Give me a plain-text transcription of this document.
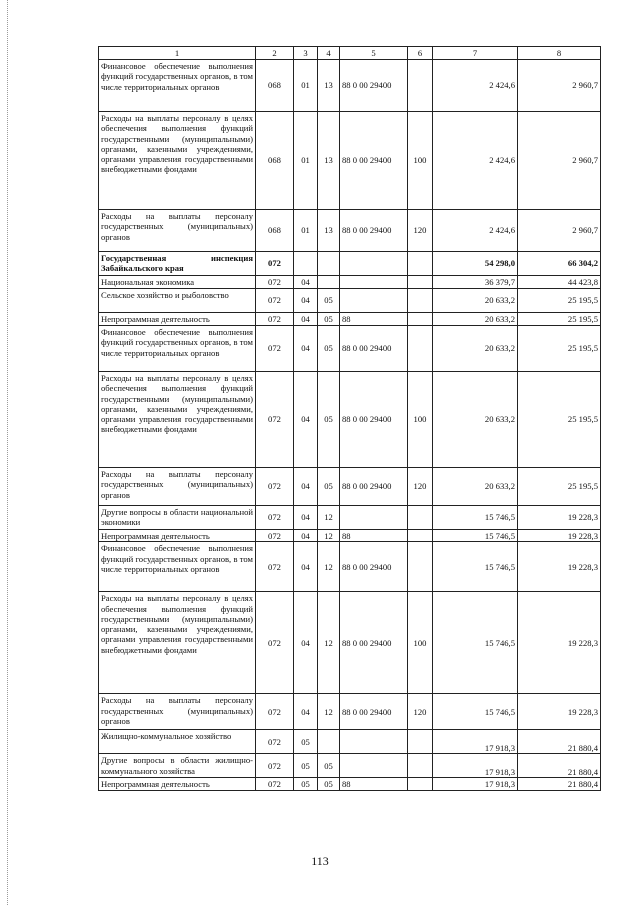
1	2	3	4	5	6	7	8
Финансовое обеспечение выполнения функций государственных органов, в том числе территориальных органов	068	01	13	88 0 00 29400		2 424,6	2 960,7
Расходы на выплаты персоналу в целях обеспечения выполнения функций государственными (муниципальными) органами, казенными учреждениями, органами управления государственными внебюджетными фондами	068	01	13	88 0 00 29400	100	2 424,6	2 960,7
Расходы на выплаты персоналу государственных (муниципальных) органов	068	01	13	88 0 00 29400	120	2 424,6	2 960,7
Государственная инспекция Забайкальского края	072					54 298,0	66 304,2
Национальная экономика	072	04				36 379,7	44 423,8
Сельское хозяйство и рыболовство	072	04	05			20 633,2	25 195,5
Непрограммная деятельность	072	04	05	88		20 633,2	25 195,5
Финансовое обеспечение выполнения функций государственных органов, в том числе территориальных органов	072	04	05	88 0 00 29400		20 633,2	25 195,5
Расходы на выплаты персоналу в целях обеспечения выполнения функций государственными (муниципальными) органами, казенными учреждениями, органами управления государственными внебюджетными фондами	072	04	05	88 0 00 29400	100	20 633,2	25 195,5
Расходы на выплаты персоналу государственных (муниципальных) органов	072	04	05	88 0 00 29400	120	20 633,2	25 195,5
Другие вопросы в области национальной экономики	072	04	12			15 746,5	19 228,3
Непрограммная деятельность	072	04	12	88		15 746,5	19 228,3
Финансовое обеспечение выполнения функций государственных органов, в том числе территориальных органов	072	04	12	88 0 00 29400		15 746,5	19 228,3
Расходы на выплаты персоналу в целях обеспечения выполнения функций государственными (муниципальными) органами, казенными учреждениями, органами управления государственными внебюджетными фондами	072	04	12	88 0 00 29400	100	15 746,5	19 228,3
Расходы на выплаты персоналу государственных (муниципальных) органов	072	04	12	88 0 00 29400	120	15 746,5	19 228,3
Жилищно-коммунальное хозяйство	072	05				17 918,3	21 880,4
Другие вопросы в области жилищно-коммунального хозяйства	072	05	05			17 918,3	21 880,4
Непрограммная деятельность	072	05	05	88		17 918,3	21 880,4
113
